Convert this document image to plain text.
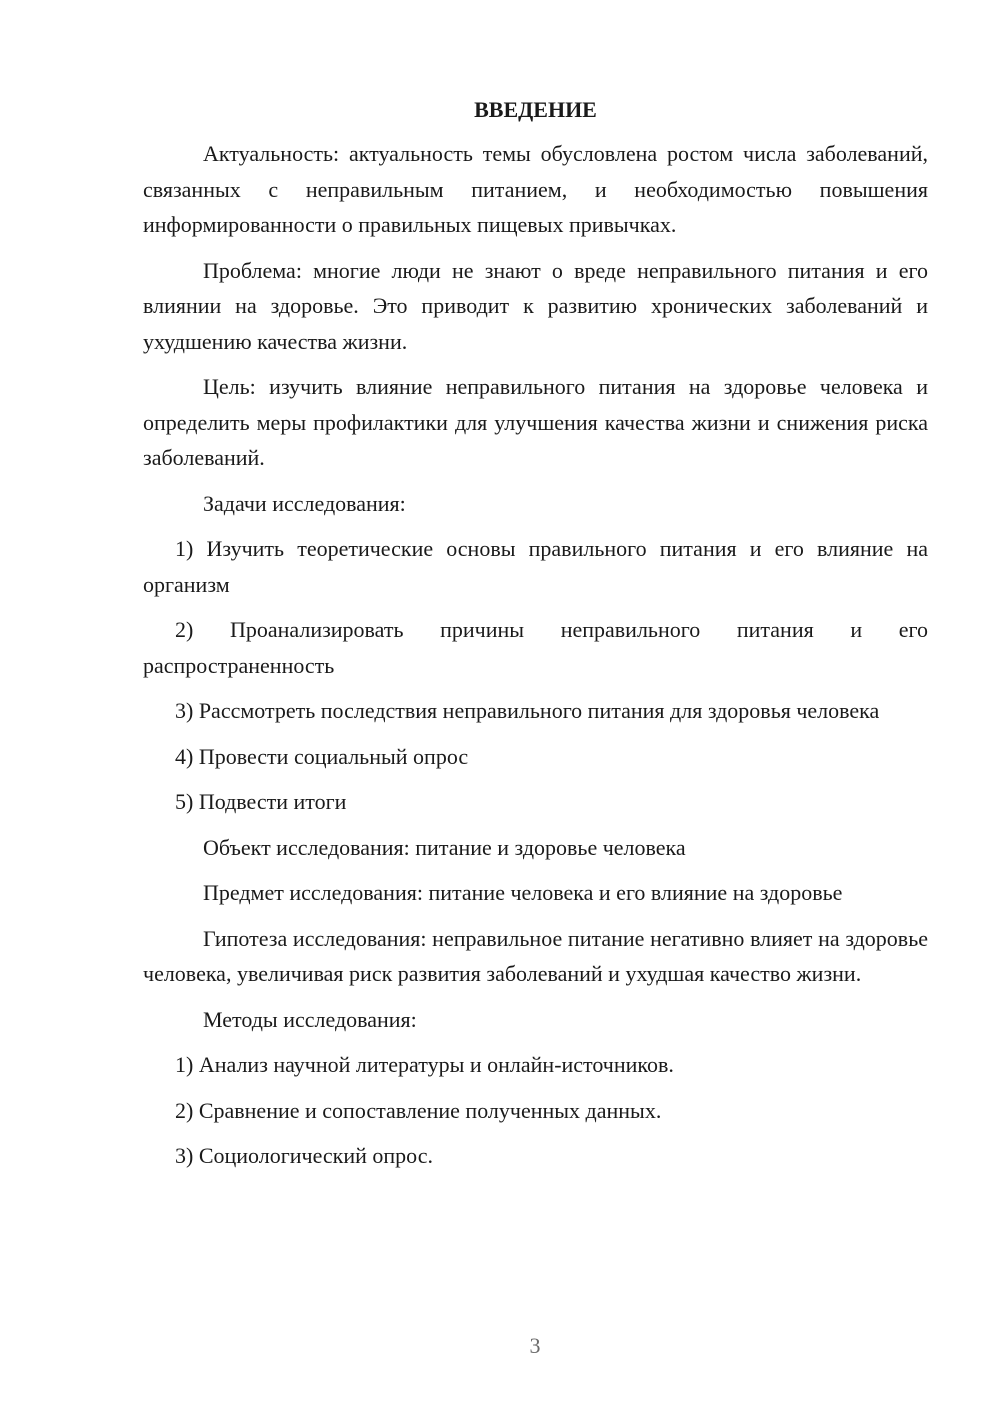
ВВЕДЕНИЕ

Актуальность: актуальность темы обусловлена ростом числа заболеваний, связанных с неправильным питанием, и необходимостью повышения информированности о правильных пищевых привычках.

Проблема: многие люди не знают о вреде неправильного питания и его влиянии на здоровье. Это приводит к развитию хронических заболеваний и ухудшению качества жизни.

Цель: изучить влияние неправильного питания на здоровье человека и определить меры профилактики для улучшения качества жизни и снижения риска заболеваний.

Задачи исследования:

1) Изучить теоретические основы правильного питания и его влияние на организм

2) Проанализировать причины неправильного питания и его распространенность

3) Рассмотреть последствия неправильного питания для здоровья человека

4) Провести социальный опрос

5) Подвести итоги

Объект исследования: питание и здоровье человека

Предмет исследования: питание человека и его влияние на здоровье

Гипотеза исследования: неправильное питание негативно влияет на здоровье человека, увеличивая риск развития заболеваний и ухудшая качество жизни.

Методы исследования:

1) Анализ научной литературы и онлайн-источников.

2) Сравнение и сопоставление полученных данных.

3) Социологический опрос.

3
